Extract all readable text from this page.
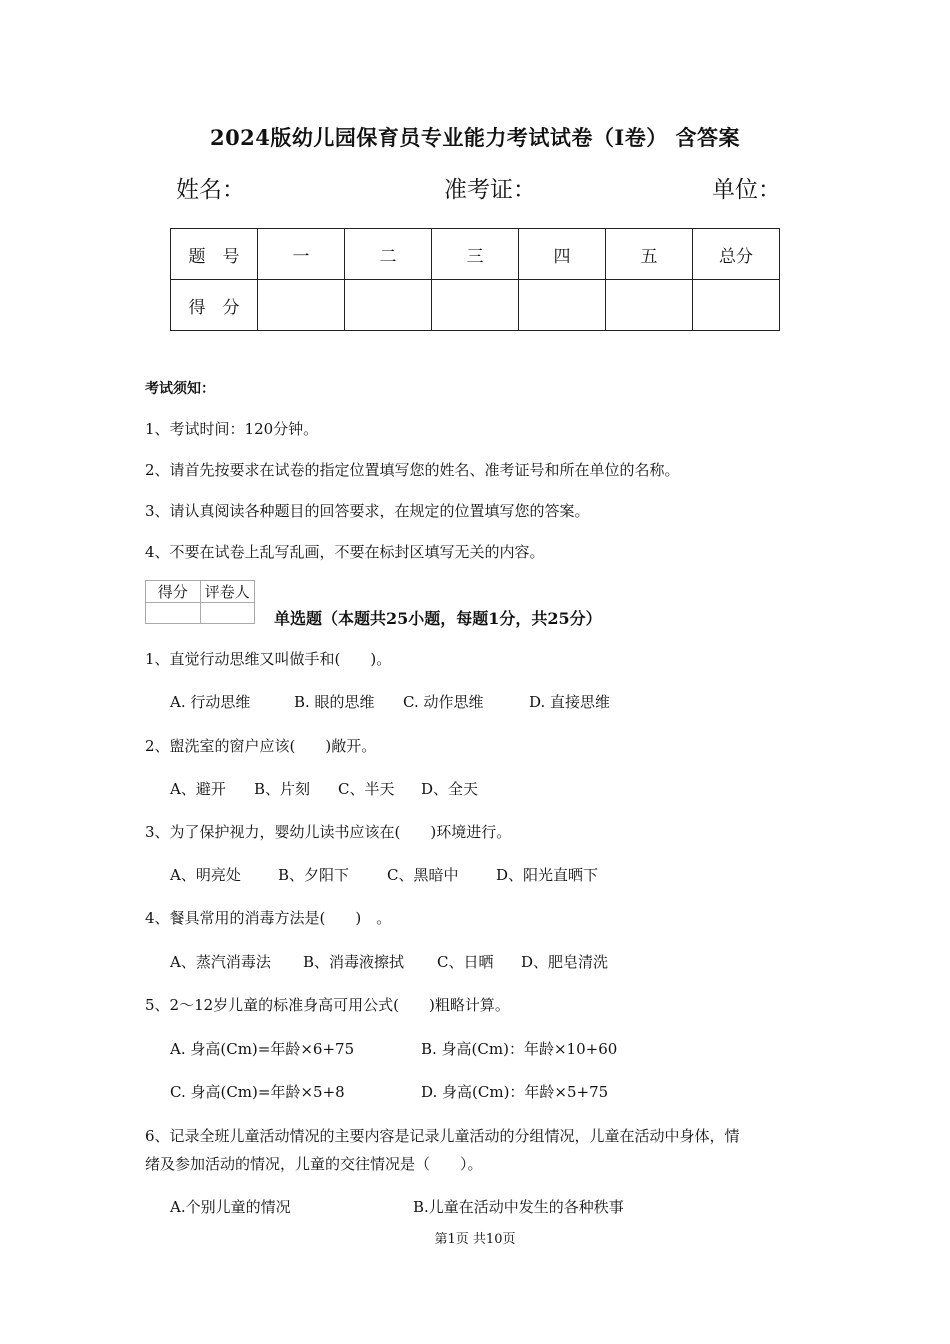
2024版幼儿园保育员专业能力考试试卷（I卷） 含答案
姓名：	准考证：	单位：
题　号	一	二	三	四	五	总分
得　分						
考试须知：
1、考试时间：120分钟。
2、请首先按要求在试卷的指定位置填写您的姓名、准考证号和所在单位的名称。
3、请认真阅读各种题目的回答要求，在规定的位置填写您的答案。
4、不要在试卷上乱写乱画，不要在标封区填写无关的内容。
得分	评卷人

单选题（本题共25小题，每题1分，共25分）
1、直觉行动思维又叫做手和(　　)。
A. 行动思维	B. 眼的思维 C. 动作思维	D. 直接思维
2、盥洗室的窗户应该(　　)敞开。
A、避开 B、片刻 C、半天 D、全天
3、为了保护视力，婴幼儿读书应该在(　　)环境进行。
A、明亮处 B、夕阳下	C、黑暗中	D、阳光直晒下
4、餐具常用的消毒方法是(　　)　。
A、蒸汽消毒法 B、消毒液擦拭 C、日晒 D、肥皂清洗
5、2～12岁儿童的标准身高可用公式(　　)粗略计算。
A. 身高(Cm)=年龄×6+75	B. 身高(Cm)：年龄×10+60
C. 身高(Cm)=年龄×5+8	D. 身高(Cm)：年龄×5+75
6、记录全班儿童活动情况的主要内容是记录儿童活动的分组情况，儿童在活动中身体，情
绪及参加活动的情况，儿童的交往情况是（　　）。
A.个别儿童的情况	B.儿童在活动中发生的各种秩事
第1页 共10页
